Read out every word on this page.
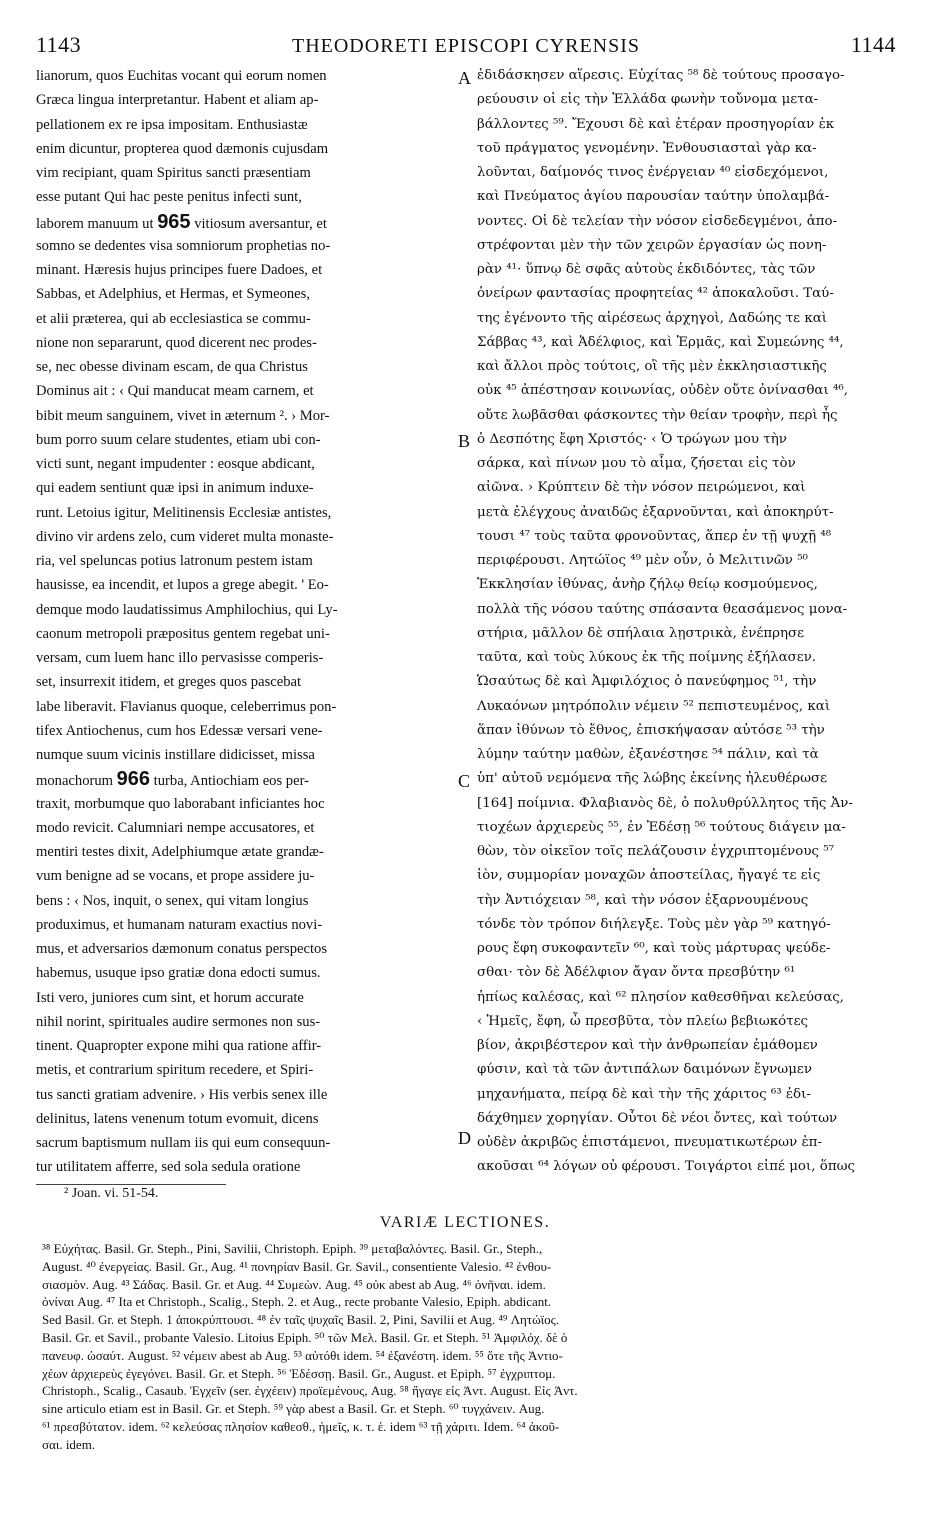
1143	THEODORETI EPISCOPI CYRENSIS	1144
lianorum, quos Euchitas vocant qui eorum nomen
Græca lingua interpretantur. Habent et aliam ap-
pellationem ex re ipsa impositam. Enthusiastæ
enim dicuntur, propterea quod dæmonis cujusdam
vim recipiant, quam Spiritus sancti præsentiam
esse putant Qui hac peste penitus infecti sunt,
laborem manuum ut 965 vitiosum aversantur, et
somno se dedentes visa somniorum prophetias no-
minant. Hæresis hujus principes fuere Dadoes, et
Sabbas, et Adelphius, et Hermas, et Symeones,
et alii præterea, qui ab ecclesiastica se commu-
nione non separarunt, quod dicerent nec prodes-
se, nec obesse divinam escam, de qua Christus
Dominus ait : ‹ Qui manducat meam carnem, et
bibit meum sanguinem, vivet in æternum ². › Mor-
bum porro suum celare studentes, etiam ubi con-
victi sunt, negant impudenter : eosque abdicant,
qui eadem sentiunt quæ ipsi in animum induxe-
runt. Letoius igitur, Melitinensis Ecclesiæ antistes,
divino vir ardens zelo, cum videret multa monaste-
ria, vel speluncas potius latronum pestem istam
hausisse, ea incendit, et lupos a grege abegit. ' Eo-
demque modo laudatissimus Amphilochius, qui Ly-
caonum metropoli præpositus gentem regebat uni-
versam, cum luem hanc illo pervasisse comperis-
set, insurrexit itidem, et greges quos pascebat
labe liberavit. Flavianus quoque, celeberrimus pon-
tifex Antiochenus, cum hos Edessæ versari vene-
numque suum vicinis instillare didicisset, missa
monachorum 966 turba, Antiochiam eos per-
traxit, morbumque quo laborabant inficiantes hoc
modo revicit. Calumniari nempe accusatores, et
mentiri testes dixit, Adelphiumque ætate grandæ-
vum benigne ad se vocans, et prope assidere ju-
bens : ‹ Nos, inquit, o senex, qui vitam longius
produximus, et humanam naturam exactius novi-
mus, et adversarios dæmonum conatus perspectos
habemus, usuque ipso gratiæ dona edocti sumus.
Isti vero, juniores cum sint, et horum accurate
nihil norint, spirituales audire sermones non sus-
tinent. Quapropter expone mihi qua ratione affir-
metis, et contrarium spiritum recedere, et Spiri-
tus sancti gratiam advenire. › His verbis senex ille
delinitus, latens venenum totum evomuit, dicens
sacrum baptismum nullam iis qui eum consequun-
tur utilitatem afferre, sed sola sedula oratione
A
B
C
D
ἐδιδάσκησεν αἵρεσις. Εὐχίτας ⁵⁸ δὲ τούτους προσαγο-
ρεύουσιν οἱ εἰς τὴν Ἑλλάδα φωνὴν τοὔνομα μετα-
βάλλοντες ⁵⁹. Ἔχουσι δὲ καὶ ἑτέραν προσηγορίαν ἐκ
τοῦ πράγματος γενομένην. Ἐνθουσιασταὶ γὰρ κα-
λοῦνται, δαίμονός τινος ἐνέργειαν ⁴⁰ εἰσδεχόμενοι,
καὶ Πνεύματος ἁγίου παρουσίαν ταύτην ὑπολαμβά-
νοντες. Οἱ δὲ τελείαν τὴν νόσον εἰσδεδεγμένοι, ἀπο-
στρέφονται μὲν τὴν τῶν χειρῶν ἐργασίαν ὡς πονη-
ρὰν ⁴¹· ὕπνῳ δὲ σφᾶς αὐτοὺς ἐκδιδόντες, τὰς τῶν
ὀνείρων φαντασίας προφητείας ⁴² ἀποκαλοῦσι. Ταύ-
της ἐγένοντο τῆς αἱρέσεως ἀρχηγοὶ, Δαδώης τε καὶ
Σάββας ⁴³, καὶ Ἀδέλφιος, καὶ Ἑρμᾶς, καὶ Συμεώνης ⁴⁴,
καὶ ἄλλοι πρὸς τούτοις, οἳ τῆς μὲν ἐκκλησιαστικῆς
οὐκ ⁴⁵ ἀπέστησαν κοινωνίας, οὐδὲν οὔτε ὀνίνασθαι ⁴⁶,
οὔτε λωβᾶσθαι φάσκοντες τὴν θείαν τροφὴν, περὶ ἧς
ὁ Δεσπότης ἔφη Χριστός· ‹ Ὁ τρώγων μου τὴν
σάρκα, καὶ πίνων μου τὸ αἷμα, ζήσεται εἰς τὸν
αἰῶνα. › Κρύπτειν δὲ τὴν νόσον πειρώμενοι, καὶ
μετὰ ἐλέγχους ἀναιδῶς ἐξαρνοῦνται, καὶ ἀποκηρύτ-
τουσι ⁴⁷ τοὺς ταῦτα φρονοῦντας, ἅπερ ἐν τῇ ψυχῇ ⁴⁸
περιφέρουσι. Λητώϊος ⁴⁹ μὲν οὖν, ὁ Μελιτινῶν ⁵⁰
Ἐκκλησίαν ἰθύνας, ἀνὴρ ζήλῳ θείῳ κοσμούμενος,
πολλὰ τῆς νόσου ταύτης σπάσαντα θεασάμενος μονα-
στήρια, μᾶλλον δὲ σπήλαια λῃστρικὰ, ἐνέπρησε
ταῦτα, καὶ τοὺς λύκους ἐκ τῆς ποίμνης ἐξήλασεν.
Ὡσαύτως δὲ καὶ Ἀμφιλόχιος ὁ πανεύφημος ⁵¹, τὴν
Λυκαόνων μητρόπολιν νέμειν ⁵² πεπιστευμένος, καὶ
ἅπαν ἰθύνων τὸ ἔθνος, ἐπισκήψασαν αὐτόσε ⁵³ τὴν
λύμην ταύτην μαθὼν, ἐξανέστησε ⁵⁴ πάλιν, καὶ τὰ
ὑπ' αὐτοῦ νεμόμενα τῆς λώβης ἐκείνης ἠλευθέρωσε
[164] ποίμνια. Φλαβιανὸς δὲ, ὁ πολυθρύλλητος τῆς Ἀν-
τιοχέων ἀρχιερεὺς ⁵⁵, ἐν Ἐδέσῃ ⁵⁶ τούτους διάγειν μα-
θὼν, τὸν οἰκεῖον τοῖς πελάζουσιν ἐγχριπτομένους ⁵⁷
ἰὸν, συμμορίαν μοναχῶν ἀποστείλας, ἤγαγέ τε εἰς
τὴν Ἀντιόχειαν ⁵⁸, καὶ τὴν νόσον ἐξαρνουμένους
τόνδε τὸν τρόπον διήλεγξε. Τοὺς μὲν γὰρ ⁵⁹ κατηγό-
ρους ἔφη συκοφαντεῖν ⁶⁰, καὶ τοὺς μάρτυρας ψεύδε-
σθαι· τὸν δὲ Ἀδέλφιον ἄγαν ὄντα πρεσβύτην ⁶¹
ἠπίως καλέσας, καὶ ⁶² πλησίον καθεσθῆναι κελεύσας,
‹ Ἡμεῖς, ἔφη, ὦ πρεσβῦτα, τὸν πλείω βεβιωκότες
βίον, ἀκριβέστερον καὶ τὴν ἀνθρωπείαν ἐμάθομεν
φύσιν, καὶ τὰ τῶν ἀντιπάλων δαιμόνων ἔγνωμεν
μηχανήματα, πείρᾳ δὲ καὶ τὴν τῆς χάριτος ⁶³ ἐδι-
δάχθημεν χορηγίαν. Οὗτοι δὲ νέοι ὄντες, καὶ τούτων
οὐδὲν ἀκριβῶς ἐπιστάμενοι, πνευματικωτέρων ἐπ-
ακοῦσαι ⁶⁴ λόγων οὐ φέρουσι. Τοιγάρτοι εἰπέ μοι, ὅπως
² Joan. vi. 51-54.
VARIÆ LECTIONES.
³⁸ Εὐχήτας. Basil. Gr. Steph., Pini, Savilii, Christoph. Epiph. ³⁹ μεταβαλόντες. Basil. Gr., Steph.,
August. ⁴⁰ ἐνεργείας. Basil. Gr., Aug. ⁴¹ πονηρίαν Basil. Gr. Savil., consentiente Valesio. ⁴² ἐνθου-
σιασμὸν. Aug. ⁴³ Σάδας. Basil. Gr. et Aug. ⁴⁴ Συμεὼν. Aug. ⁴⁵ οὐκ abest ab Aug. ⁴⁶ ὀνῆναι. idem.
ὀνίναι Aug. ⁴⁷ Ita et Christoph., Scalig., Steph. 2. et Aug., recte probante Valesio, Epiph. abdicant.
Sed Basil. Gr. et Steph. 1 ἀποκρύπτουσι. ⁴⁸ ἐν ταῖς ψυχαῖς Basil. 2, Pini, Savilii et Aug. ⁴⁹ Λητώϊος.
Basil. Gr. et Savil., probante Valesio. Litoius Epiph. ⁵⁰ τῶν Μελ. Basil. Gr. et Steph. ⁵¹ Ἀμφιλόχ. δὲ ὁ
πανευφ. ὡσαύτ. August. ⁵² νέμειν abest ab Aug. ⁵³ αὐτόθι idem. ⁵⁴ ἐξανέστη. idem. ⁵⁵ ὅτε τῆς Ἀντιο-
χέων ἀρχιερεὺς ἐγεγόνει. Basil. Gr. et Steph. ⁵⁶ Ἐδέσσῃ. Basil. Gr., August. et Epiph. ⁵⁷ ἐγχριπτομ.
Christoph., Scalig., Casaub. Ἐγχεῖν (ser. ἐγχέειν) προϊεμένους, Aug. ⁵⁸ ἤγαγε εἰς Ἀντ. August. Εἰς Ἀντ.
sine articulo etiam est in Basil. Gr. et Steph. ⁵⁹ γὰρ abest a Basil. Gr. et Steph. ⁶⁰ τυγχάνειν. Aug.
⁶¹ πρεσβύτατον. idem. ⁶² κελεύσας πλησίον καθεσθ., ἡμεῖς, κ. τ. ἑ. idem ⁶³ τῇ χάριτι. Idem. ⁶⁴ ἀκοῦ-
σαι. idem.
